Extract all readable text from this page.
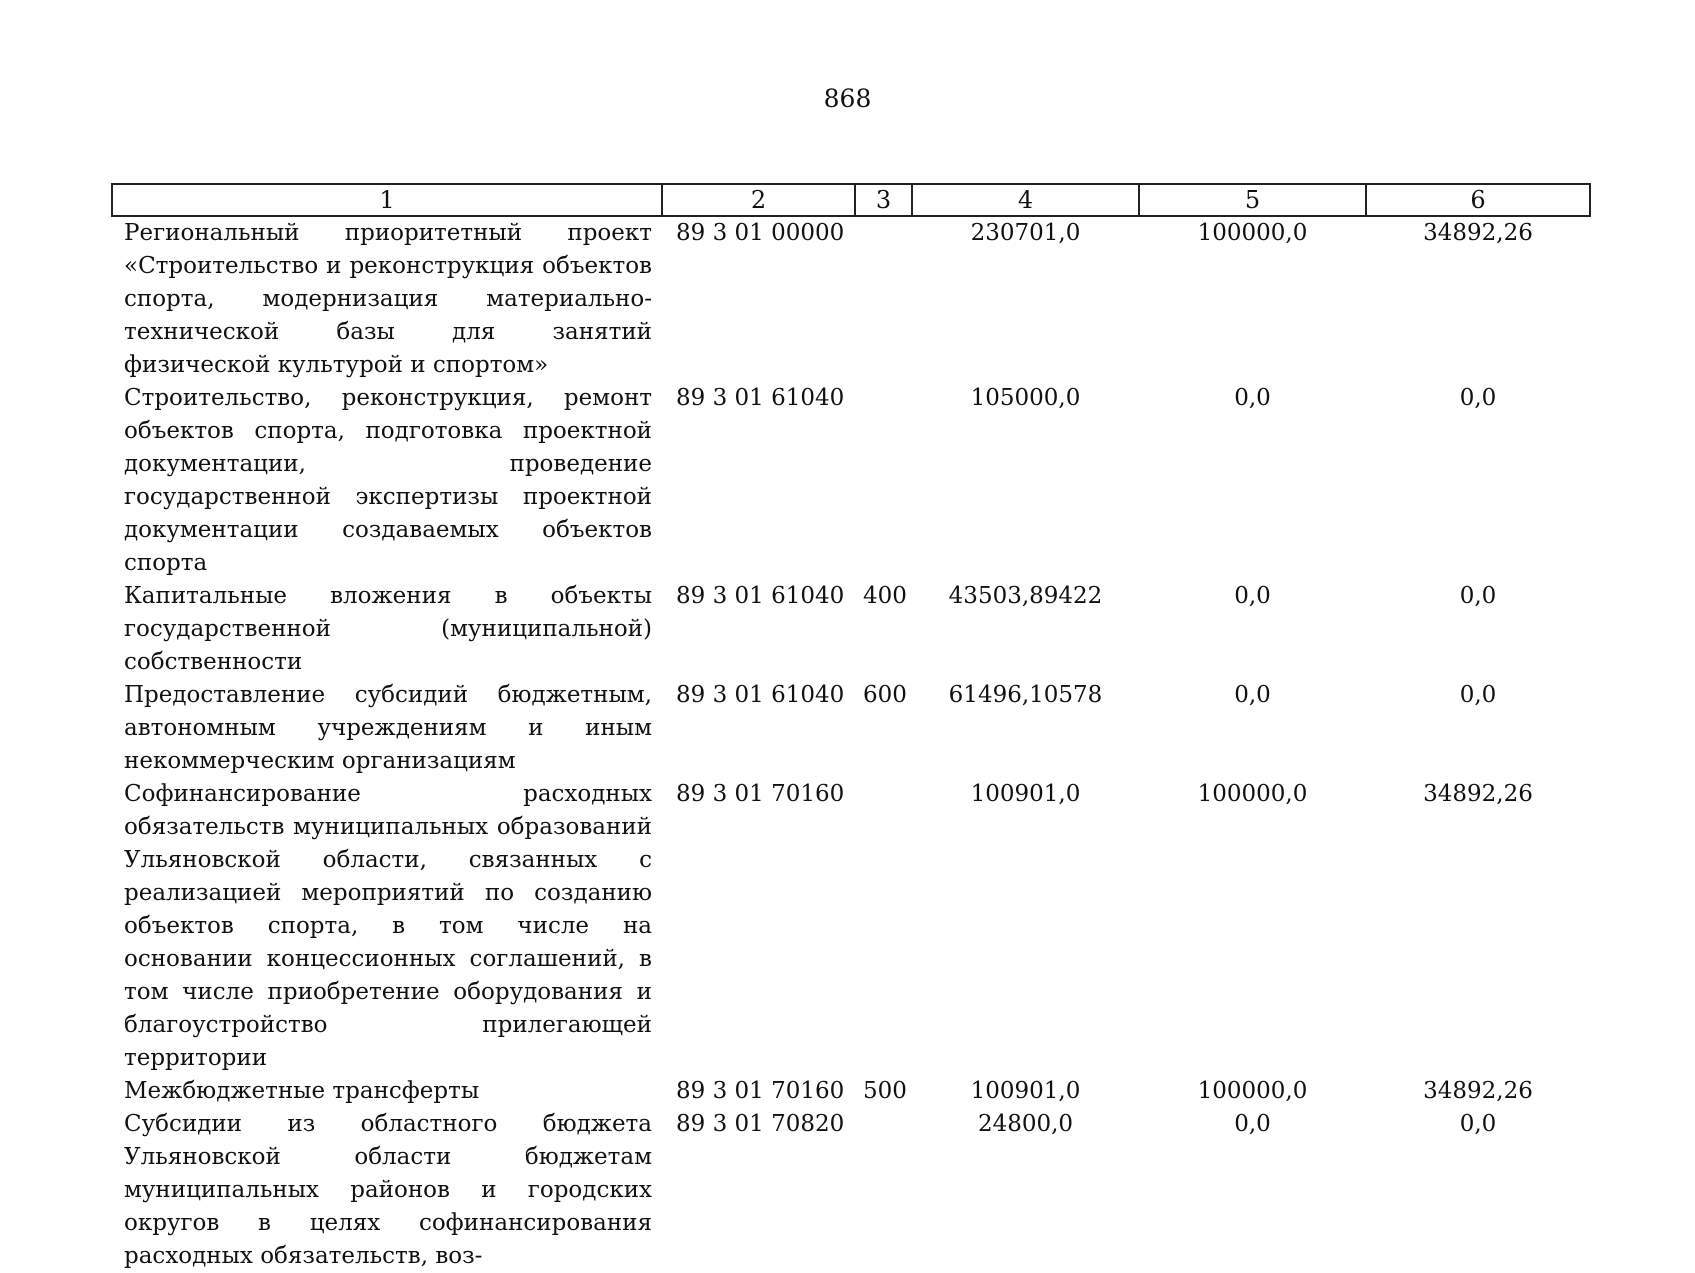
868
1	2	3	4	5	6
Региональный приоритетный проект «Строительство и реконструкция объектов спорта, модернизация материально-технической базы для занятий физической культурой и спортом»	89 3 01 00000		230701,0	100000,0	34892,26
Строительство, реконструкция, ремонт объектов спорта, подготовка проектной документации, проведение государственной экспертизы проектной документации создаваемых объектов спорта	89 3 01 61040		105000,0	0,0	0,0
Капитальные вложения в объекты государственной (муниципальной) собственности	89 3 01 61040	400	43503,89422	0,0	0,0
Предоставление субсидий бюджетным, автономным учреждениям и иным некоммерческим организациям	89 3 01 61040	600	61496,10578	0,0	0,0
Софинансирование расходных обязательств муниципальных образований Ульяновской области, связанных с реализацией мероприятий по созданию объектов спорта, в том числе на основании концессионных соглашений, в том числе приобретение оборудования и благоустройство прилегающей территории	89 3 01 70160		100901,0	100000,0	34892,26
Межбюджетные трансферты	89 3 01 70160	500	100901,0	100000,0	34892,26
Субсидии из областного бюджета Ульяновской области бюджетам муниципальных районов и городских округов в целях софинансирования расходных обязательств, воз-	89 3 01 70820		24800,0	0,0	0,0
